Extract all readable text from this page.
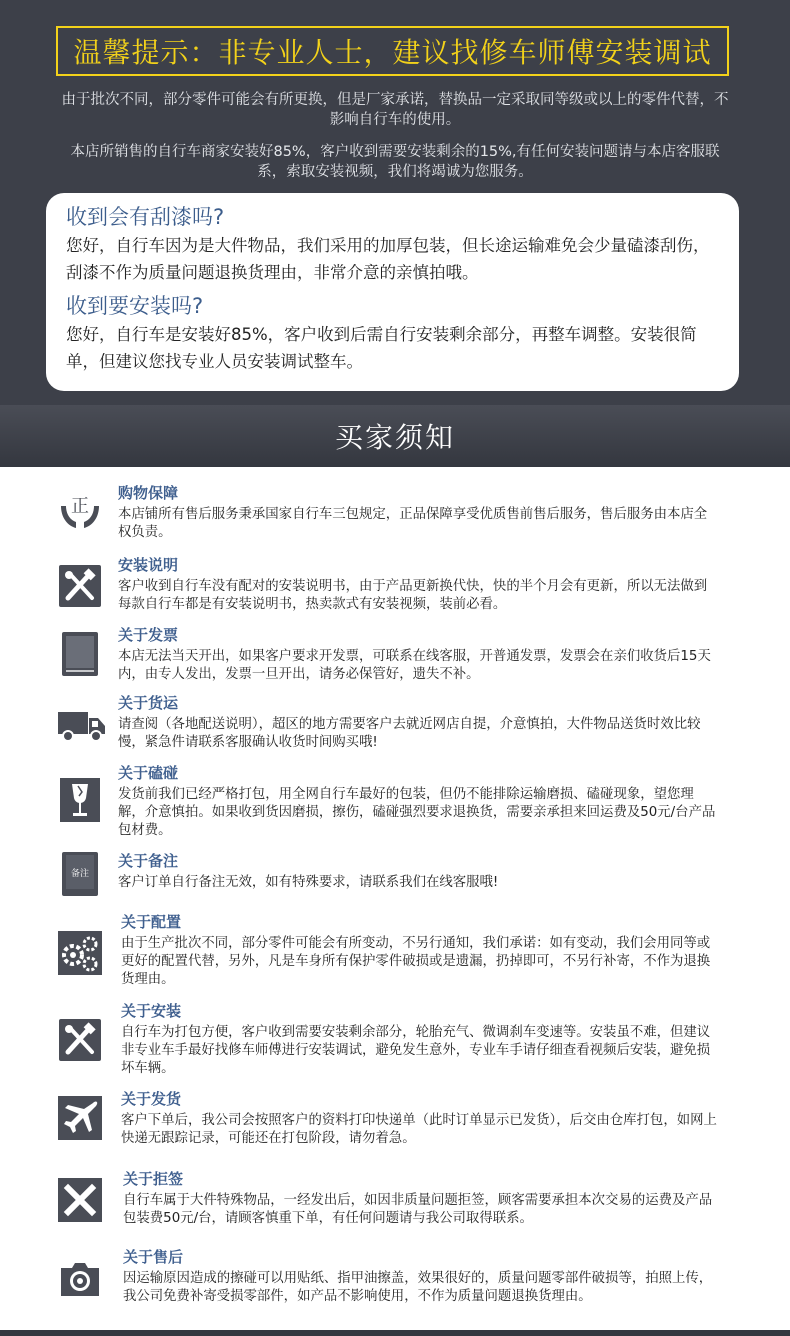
温馨提示：非专业人士，建议找修车师傅安装调试
由于批次不同，部分零件可能会有所更换，但是厂家承诺，替换品一定采取同等级或以上的零件代替，不影响自行车的使用。
本店所销售的自行车商家安装好85%，客户收到需要安装剩余的15%,有任何安装问题请与本店客服联系，索取安装视频，我们将竭诚为您服务。
收到会有刮漆吗?
您好，自行车因为是大件物品，我们采用的加厚包装，但长途运输难免会少量磕漆刮伤，刮漆不作为质量问题退换货理由，非常介意的亲慎拍哦。
收到要安装吗?
您好，自行车是安装好85%，客户收到后需自行安装剩余部分，再整车调整。安装很简单，但建议您找专业人员安装调试整车。
买家须知
正
购物保障
本店铺所有售后服务秉承国家自行车三包规定，正品保障享受优质售前售后服务，售后服务由本店全权负责。
安装说明
客户收到自行车没有配对的安装说明书，由于产品更新换代快，快的半个月会有更新，所以无法做到每款自行车都是有安装说明书，热卖款式有安装视频，装前必看。
关于发票
本店无法当天开出，如果客户要求开发票，可联系在线客服，开普通发票，发票会在亲们收货后15天内，由专人发出，发票一旦开出，请务必保管好，遗失不补。
关于货运
请查阅（各地配送说明），超区的地方需要客户去就近网店自提，介意慎拍，大件物品送货时效比较慢，紧急件请联系客服确认收货时间购买哦!
关于磕碰
发货前我们已经严格打包，用全网自行车最好的包装，但仍不能排除运输磨损、磕碰现象，望您理解，介意慎拍。如果收到货因磨损，擦伤，磕碰强烈要求退换货，需要亲承担来回运费及50元/台产品包材费。
备注
关于备注
客户订单自行备注无效，如有特殊要求，请联系我们在线客服哦!
关于配置
由于生产批次不同，部分零件可能会有所变动，不另行通知，我们承诺：如有变动，我们会用同等或更好的配置代替，另外，凡是车身所有保护零件破损或是遗漏，扔掉即可，不另行补寄，不作为退换货理由。
关于安装
自行车为打包方便，客户收到需要安装剩余部分，轮胎充气、微调刹车变速等。安装虽不难，但建议非专业车手最好找修车师傅进行安装调试，避免发生意外，专业车手请仔细查看视频后安装，避免损坏车辆。
关于发货
客户下单后，我公司会按照客户的资料打印快递单（此时订单显示已发货），后交由仓库打包，如网上快递无跟踪记录，可能还在打包阶段，请勿着急。
关于拒签
自行车属于大件特殊物品，一经发出后，如因非质量问题拒签，顾客需要承担本次交易的运费及产品包装费50元/台，请顾客慎重下单，有任何问题请与我公司取得联系。
关于售后
因运输原因造成的擦碰可以用贴纸、指甲油擦盖，效果很好的，质量问题零部件破损等，拍照上传，我公司免费补寄受损零部件，如产品不影响使用，不作为质量问题退换货理由。
